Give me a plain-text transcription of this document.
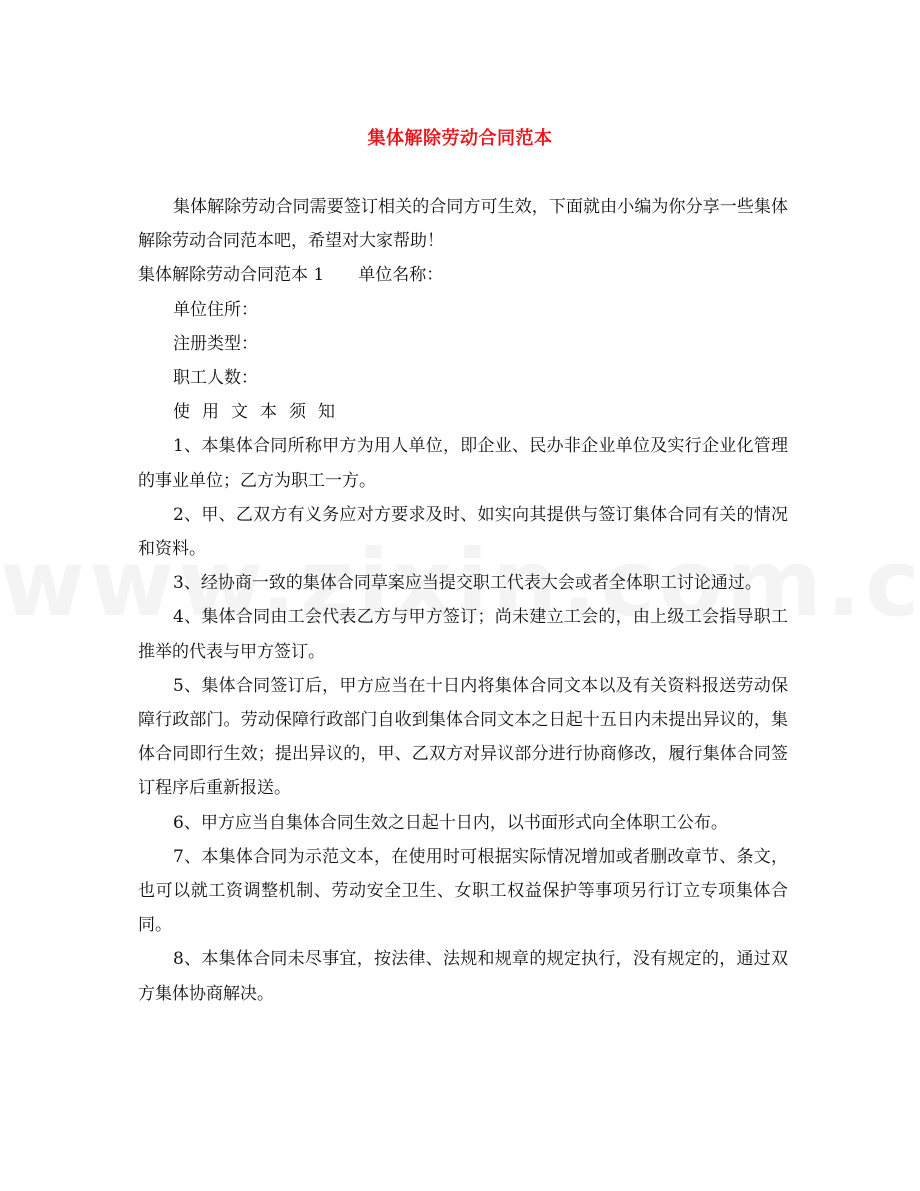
集体解除劳动合同范本

集体解除劳动合同需要签订相关的合同方可生效，下面就由小编为你分享一些集体解除劳动合同范本吧，希望对大家帮助！

集体解除劳动合同范本 1　　单位名称：

单位住所：

注册类型：

职工人数：

使用文本须知

1、本集体合同所称甲方为用人单位，即企业、民办非企业单位及实行企业化管理的事业单位；乙方为职工一方。

2、甲、乙双方有义务应对方要求及时、如实向其提供与签订集体合同有关的情况和资料。

3、经协商一致的集体合同草案应当提交职工代表大会或者全体职工讨论通过。

4、集体合同由工会代表乙方与甲方签订；尚未建立工会的，由上级工会指导职工推举的代表与甲方签订。

5、集体合同签订后，甲方应当在十日内将集体合同文本以及有关资料报送劳动保障行政部门。劳动保障行政部门自收到集体合同文本之日起十五日内未提出异议的，集体合同即行生效；提出异议的，甲、乙双方对异议部分进行协商修改，履行集体合同签订程序后重新报送。

6、甲方应当自集体合同生效之日起十日内，以书面形式向全体职工公布。

7、本集体合同为示范文本，在使用时可根据实际情况增加或者删改章节、条文，也可以就工资调整机制、劳动安全卫生、女职工权益保护等事项另行订立专项集体合同。

8、本集体合同未尽事宜，按法律、法规和规章的规定执行，没有规定的，通过双方集体协商解决。
